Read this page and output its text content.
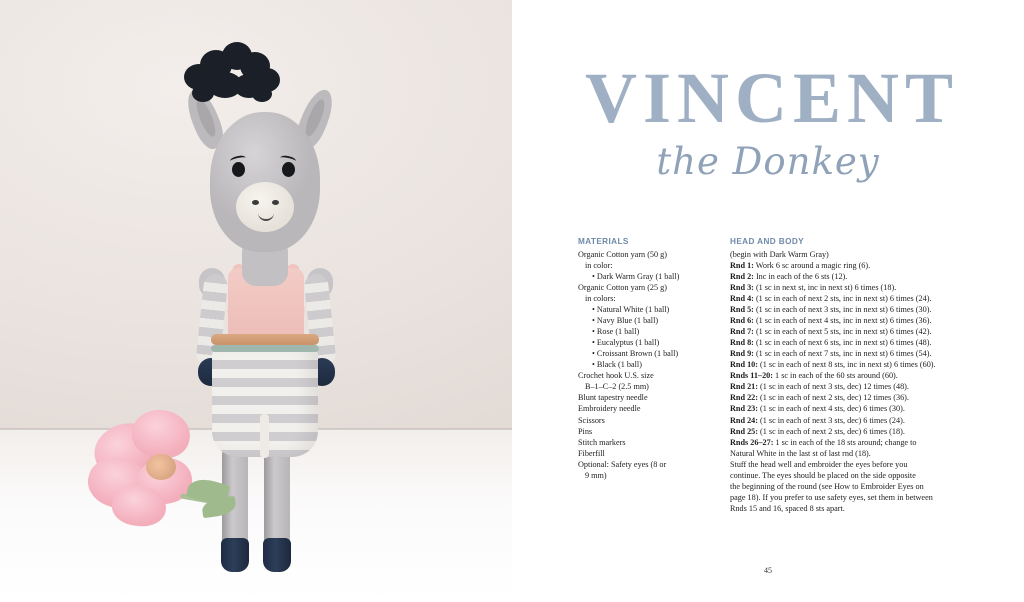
VINCENT

the Donkey

MATERIALS

Organic Cotton yarn (50 g)

in color:

• Dark Warm Gray (1 ball)

Organic Cotton yarn (25 g)

in colors:

• Natural White (1 ball)

• Navy Blue (1 ball)

• Rose (1 ball)

• Eucalyptus (1 ball)

• Croissant Brown (1 ball)

• Black (1 ball)

Crochet hook U.S. size

B–1–C–2 (2.5 mm)

Blunt tapestry needle

Embroidery needle

Scissors

Pins

Stitch markers

Fiberfill

Optional: Safety eyes (8 or

9 mm)

HEAD AND BODY

(begin with Dark Warm Gray)

Rnd 1: Work 6 sc around a magic ring (6).

Rnd 2: Inc in each of the 6 sts (12).

Rnd 3: (1 sc in next st, inc in next st) 6 times (18).

Rnd 4: (1 sc in each of next 2 sts, inc in next st) 6 times (24).

Rnd 5: (1 sc in each of next 3 sts, inc in next st) 6 times (30).

Rnd 6: (1 sc in each of next 4 sts, inc in next st) 6 times (36).

Rnd 7: (1 sc in each of next 5 sts, inc in next st) 6 times (42).

Rnd 8: (1 sc in each of next 6 sts, inc in next st) 6 times (48).

Rnd 9: (1 sc in each of next 7 sts, inc in next st) 6 times (54).

Rnd 10: (1 sc in each of next 8 sts, inc in next st) 6 times (60).

Rnds 11–20: 1 sc in each of the 60 sts around (60).

Rnd 21: (1 sc in each of next 3 sts, dec) 12 times (48).

Rnd 22: (1 sc in each of next 2 sts, dec) 12 times (36).

Rnd 23: (1 sc in each of next 4 sts, dec) 6 times (30).

Rnd 24: (1 sc in each of next 3 sts, dec) 6 times (24).

Rnd 25: (1 sc in each of next 2 sts, dec) 6 times (18).

Rnds 26–27: 1 sc in each of the 18 sts around; change to

Natural White in the last st of last rnd (18).

Stuff the head well and embroider the eyes before you

continue. The eyes should be placed on the side opposite

the beginning of the round (see How to Embroider Eyes on

page 18). If you prefer to use safety eyes, set them in between

Rnds 15 and 16, spaced 8 sts apart.

45
